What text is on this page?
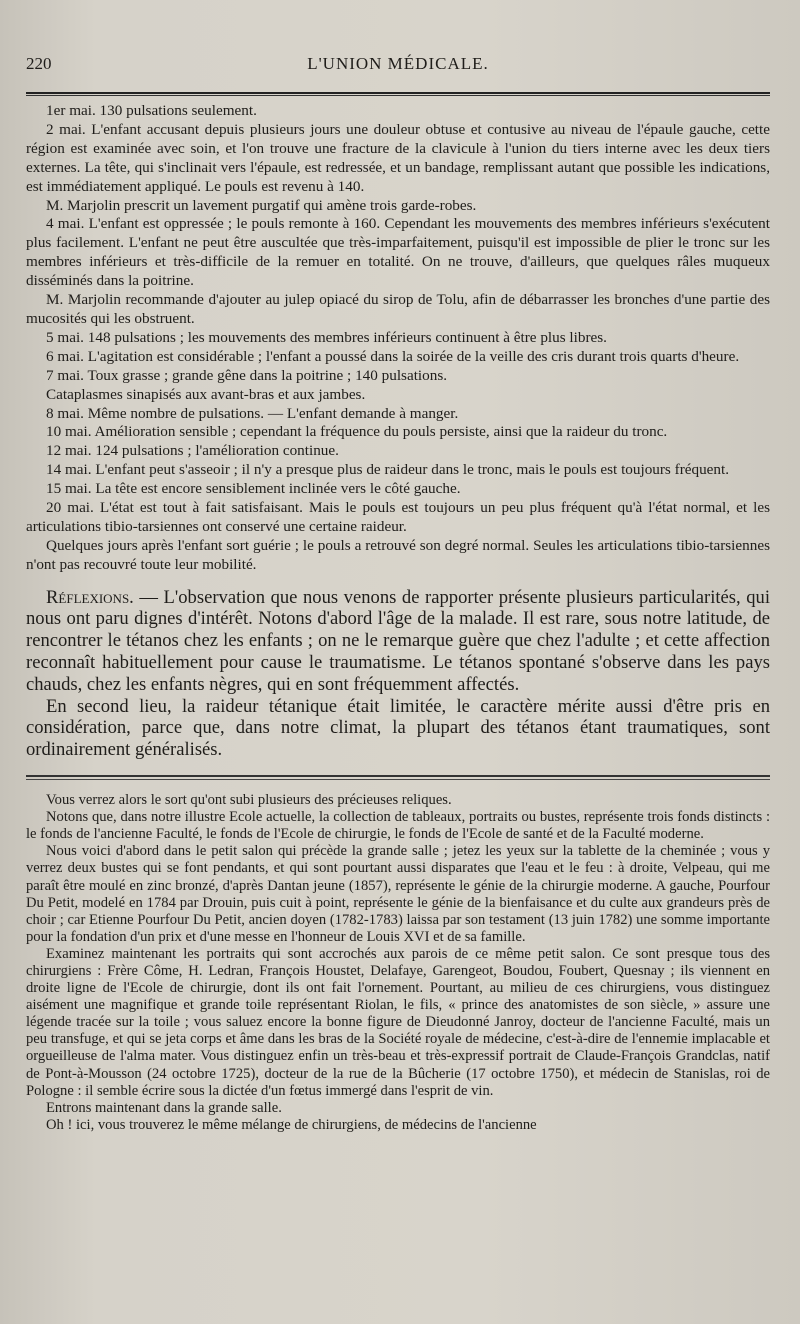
220	L'UNION MÉDICALE.

1er mai. 130 pulsations seulement.

2 mai. L'enfant accusant depuis plusieurs jours une douleur obtuse et contusive au niveau de l'épaule gauche, cette région est examinée avec soin, et l'on trouve une fracture de la clavicule à l'union du tiers interne avec les deux tiers externes. La tête, qui s'inclinait vers l'épaule, est redressée, et un bandage, remplissant autant que possible les indications, est immédiatement appliqué. Le pouls est revenu à 140.

M. Marjolin prescrit un lavement purgatif qui amène trois garde-robes.

4 mai. L'enfant est oppressée ; le pouls remonte à 160. Cependant les mouvements des membres inférieurs s'exécutent plus facilement. L'enfant ne peut être auscultée que très-imparfaitement, puisqu'il est impossible de plier le tronc sur les membres inférieurs et très-difficile de la remuer en totalité. On ne trouve, d'ailleurs, que quelques râles muqueux disséminés dans la poitrine.

M. Marjolin recommande d'ajouter au julep opiacé du sirop de Tolu, afin de débarrasser les bronches d'une partie des mucosités qui les obstruent.

5 mai. 148 pulsations ; les mouvements des membres inférieurs continuent à être plus libres.

6 mai. L'agitation est considérable ; l'enfant a poussé dans la soirée de la veille des cris durant trois quarts d'heure.

7 mai. Toux grasse ; grande gêne dans la poitrine ; 140 pulsations.

Cataplasmes sinapisés aux avant-bras et aux jambes.

8 mai. Même nombre de pulsations. — L'enfant demande à manger.

10 mai. Amélioration sensible ; cependant la fréquence du pouls persiste, ainsi que la raideur du tronc.

12 mai. 124 pulsations ; l'amélioration continue.

14 mai. L'enfant peut s'asseoir ; il n'y a presque plus de raideur dans le tronc, mais le pouls est toujours fréquent.

15 mai. La tête est encore sensiblement inclinée vers le côté gauche.

20 mai. L'état est tout à fait satisfaisant. Mais le pouls est toujours un peu plus fréquent qu'à l'état normal, et les articulations tibio-tarsiennes ont conservé une certaine raideur.

Quelques jours après l'enfant sort guérie ; le pouls a retrouvé son degré normal. Seules les articulations tibio-tarsiennes n'ont pas recouvré toute leur mobilité.

Réflexions. — L'observation que nous venons de rapporter présente plusieurs particularités, qui nous ont paru dignes d'intérêt. Notons d'abord l'âge de la malade. Il est rare, sous notre latitude, de rencontrer le tétanos chez les enfants ; on ne le remarque guère que chez l'adulte ; et cette affection reconnaît habituellement pour cause le traumatisme. Le tétanos spontané s'observe dans les pays chauds, chez les enfants nègres, qui en sont fréquemment affectés.

En second lieu, la raideur tétanique était limitée, le caractère mérite aussi d'être pris en considération, parce que, dans notre climat, la plupart des tétanos étant traumatiques, sont ordinairement généralisés.

Vous verrez alors le sort qu'ont subi plusieurs des précieuses reliques.

Notons que, dans notre illustre Ecole actuelle, la collection de tableaux, portraits ou bustes, représente trois fonds distincts : le fonds de l'ancienne Faculté, le fonds de l'Ecole de chirurgie, le fonds de l'Ecole de santé et de la Faculté moderne.

Nous voici d'abord dans le petit salon qui précède la grande salle ; jetez les yeux sur la tablette de la cheminée ; vous y verrez deux bustes qui se font pendants, et qui sont pourtant aussi disparates que l'eau et le feu : à droite, Velpeau, qui me paraît être moulé en zinc bronzé, d'après Dantan jeune (1857), représente le génie de la chirurgie moderne. A gauche, Pourfour Du Petit, modelé en 1784 par Drouin, puis cuit à point, représente le génie de la bienfaisance et du culte aux grandeurs près de choir ; car Etienne Pourfour Du Petit, ancien doyen (1782-1783) laissa par son testament (13 juin 1782) une somme importante pour la fondation d'un prix et d'une messe en l'honneur de Louis XVI et de sa famille.

Examinez maintenant les portraits qui sont accrochés aux parois de ce même petit salon. Ce sont presque tous des chirurgiens : Frère Côme, H. Ledran, François Houstet, Delafaye, Garengeot, Boudou, Foubert, Quesnay ; ils viennent en droite ligne de l'Ecole de chirurgie, dont ils ont fait l'ornement. Pourtant, au milieu de ces chirurgiens, vous distinguez aisément une magnifique et grande toile représentant Riolan, le fils, « prince des anatomistes de son siècle, » assure une légende tracée sur la toile ; vous saluez encore la bonne figure de Dieudonné Janroy, docteur de l'ancienne Faculté, mais un peu transfuge, et qui se jeta corps et âme dans les bras de la Société royale de médecine, c'est-à-dire de l'ennemie implacable et orgueilleuse de l'alma mater. Vous distinguez enfin un très-beau et très-expressif portrait de Claude-François Grandclas, natif de Pont-à-Mousson (24 octobre 1725), docteur de la rue de la Bûcherie (17 octobre 1750), et médecin de Stanislas, roi de Pologne : il semble écrire sous la dictée d'un fœtus immergé dans l'esprit de vin.

Entrons maintenant dans la grande salle.

Oh ! ici, vous trouverez le même mélange de chirurgiens, de médecins de l'ancienne
